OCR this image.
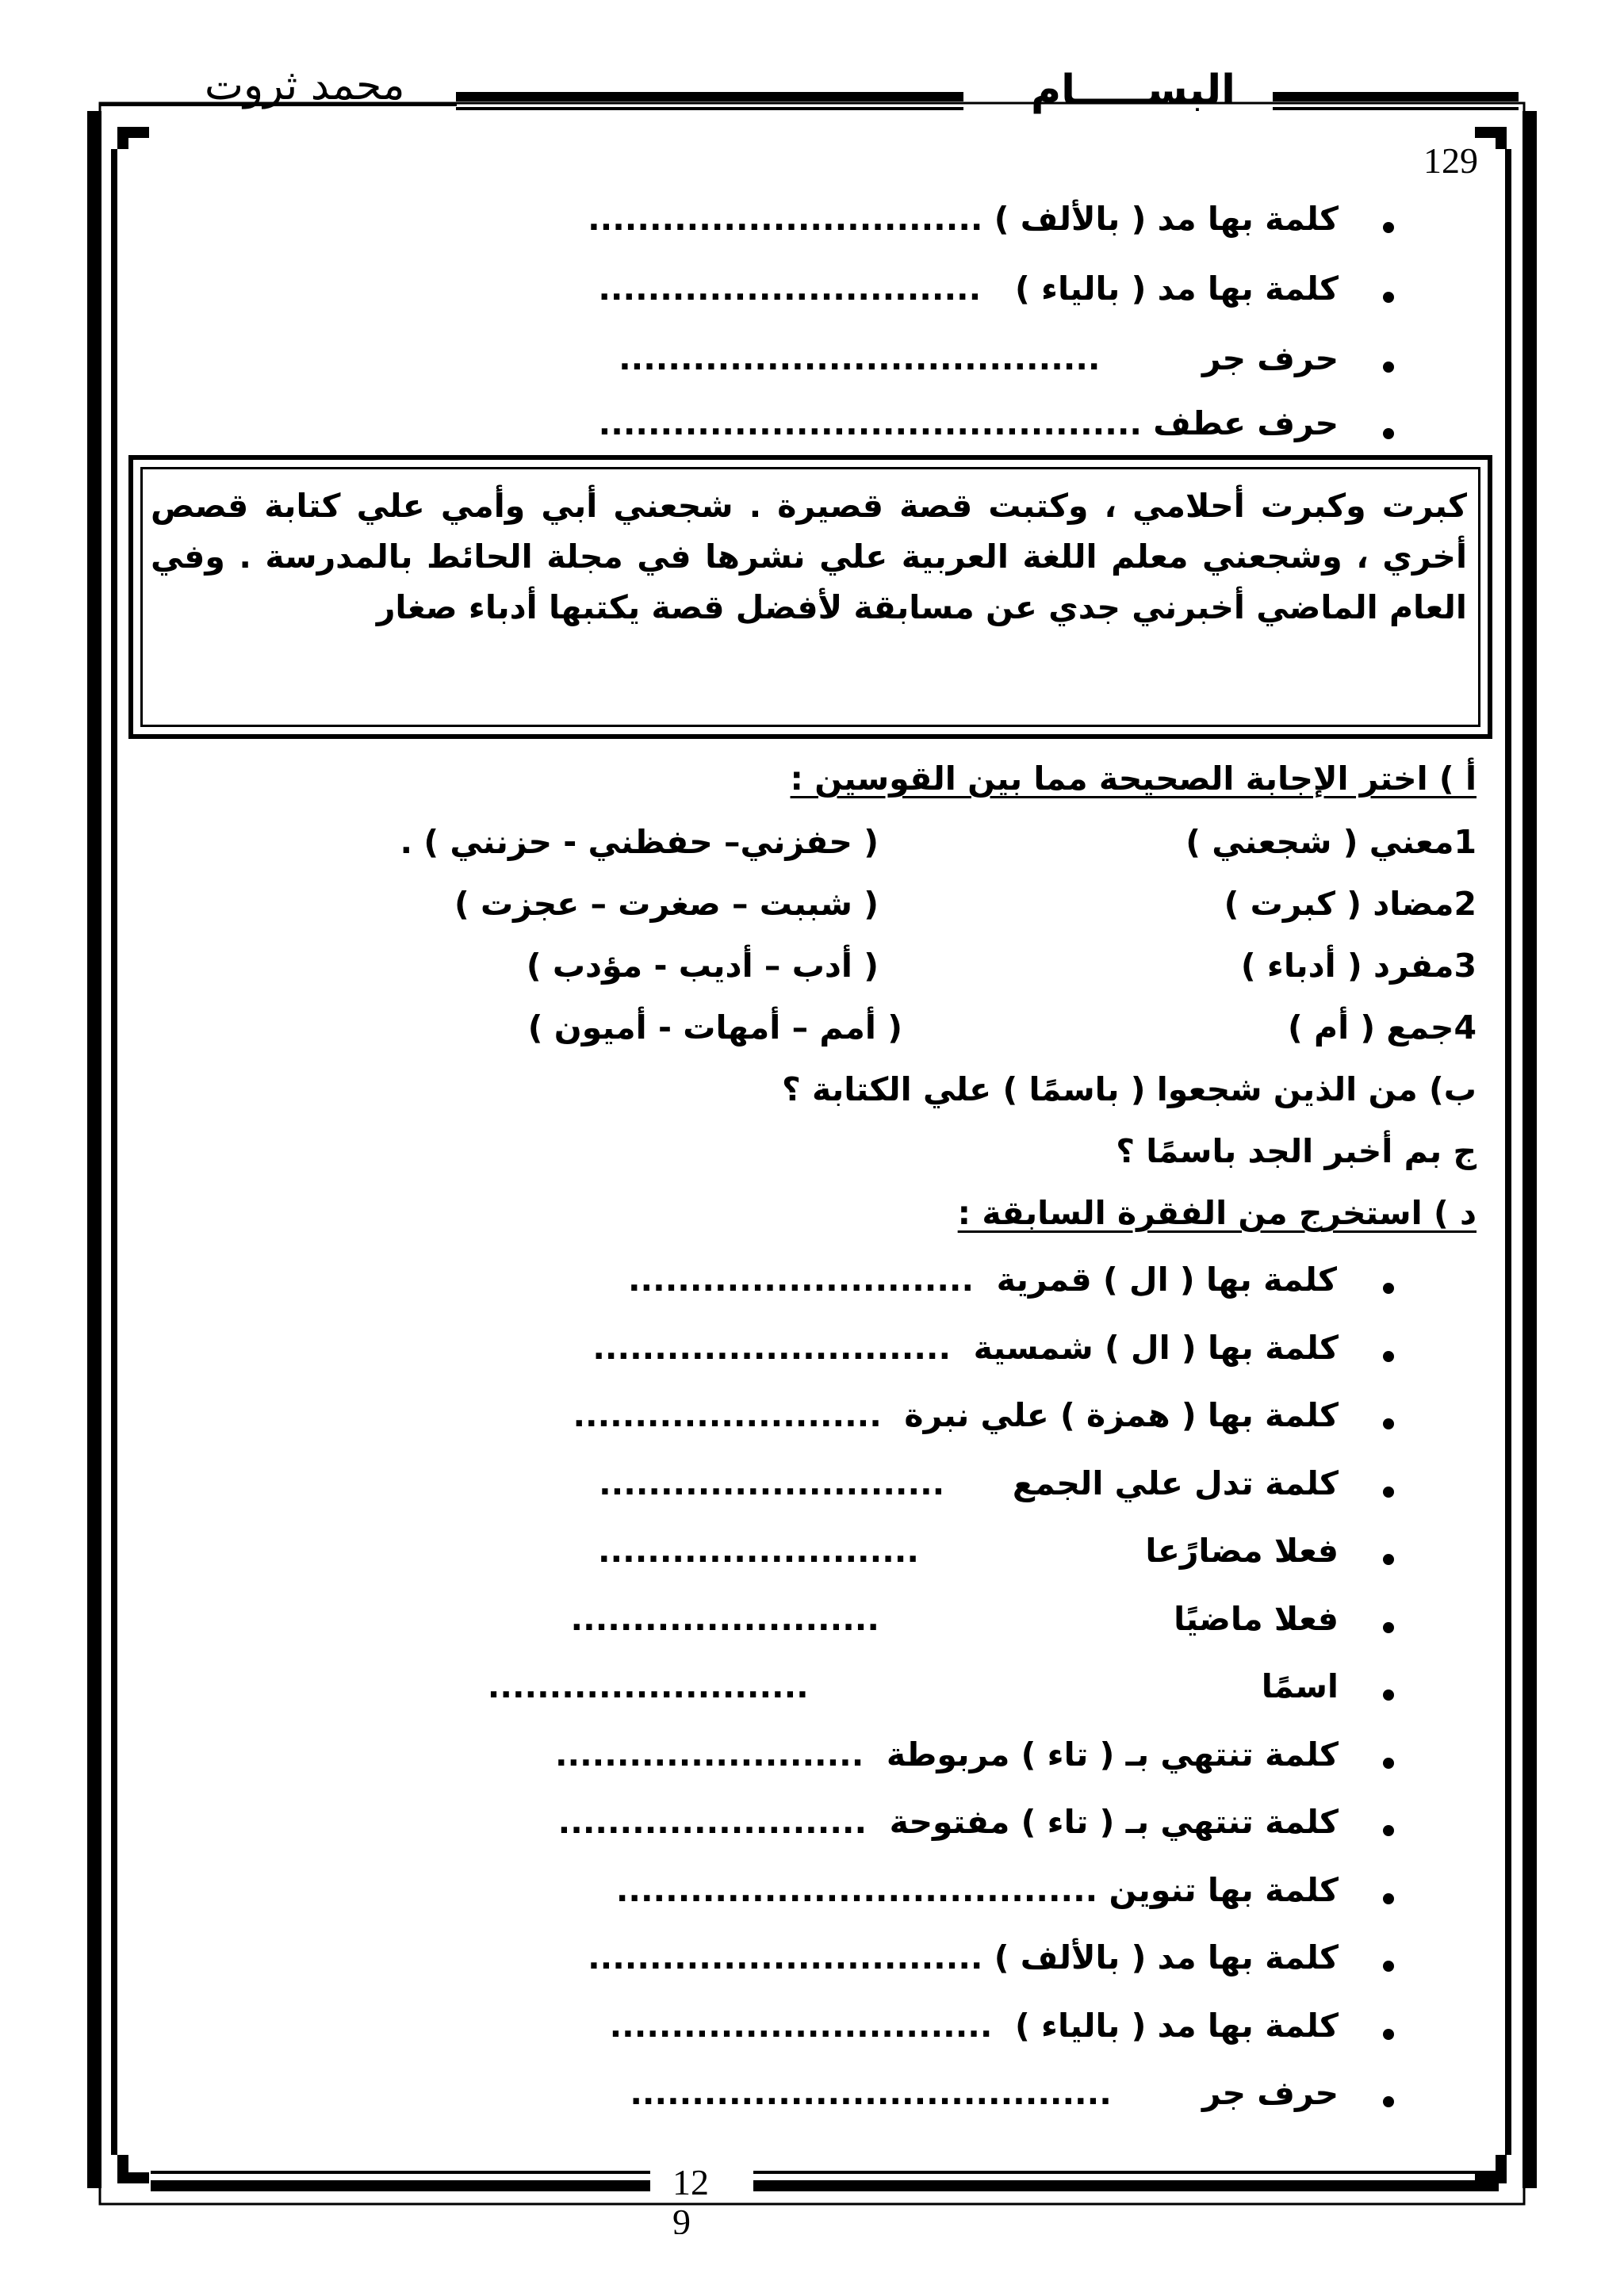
البســـــام
محمد ثروت
129
كلمة بها مد ( بالألف ) ................................
كلمة بها مد ( بالياء )   ...............................
حرف جر         .......................................
حرف عطف ............................................
كبرت وكبرت أحلامي ، وكتبت قصة قصيرة . شجعني أبي وأمي علي كتابة قصص أخري ، وشجعني معلم اللغة العربية علي نشرها في مجلة الحائط بالمدرسة . وفي العام الماضي أخبرني جدي عن مسابقة لأفضل قصة يكتبها أدباء صغار
أ ) اختر الإجابة الصحيحة مما بين القوسين :
1معني ( شجعني )
( حفزني– حفظني - حزنني ) .
2مضاد ( كبرت )
( شببت – صغرت – عجزت )
3مفرد ( أدباء )
( أدب – أديب - مؤدب )
4جمع ( أم )
( أمم – أمهات - أميون )
ب) من الذين شجعوا ( باسمًا ) علي الكتابة ؟
ج بم أخبر الجد باسمًا ؟
د ) استخرج من الفقرة السابقة :
كلمة بها ( ال ) قمرية  ............................
كلمة بها ( ال ) شمسية  .............................
كلمة بها ( همزة ) علي نبرة  .........................
كلمة تدل علي الجمع      ............................
فعلا مضارًعا                    ..........................
فعلا ماضيًا                          .........................
اسمًا                                        ..........................
كلمة تنتهي بـ ( تاء ) مربوطة  .........................
كلمة تنتهي بـ ( تاء ) مفتوحة  .........................
كلمة بها تنوين .......................................
كلمة بها مد ( بالألف ) ................................
كلمة بها مد ( بالياء )  ...............................
حرف جر        .......................................
129
